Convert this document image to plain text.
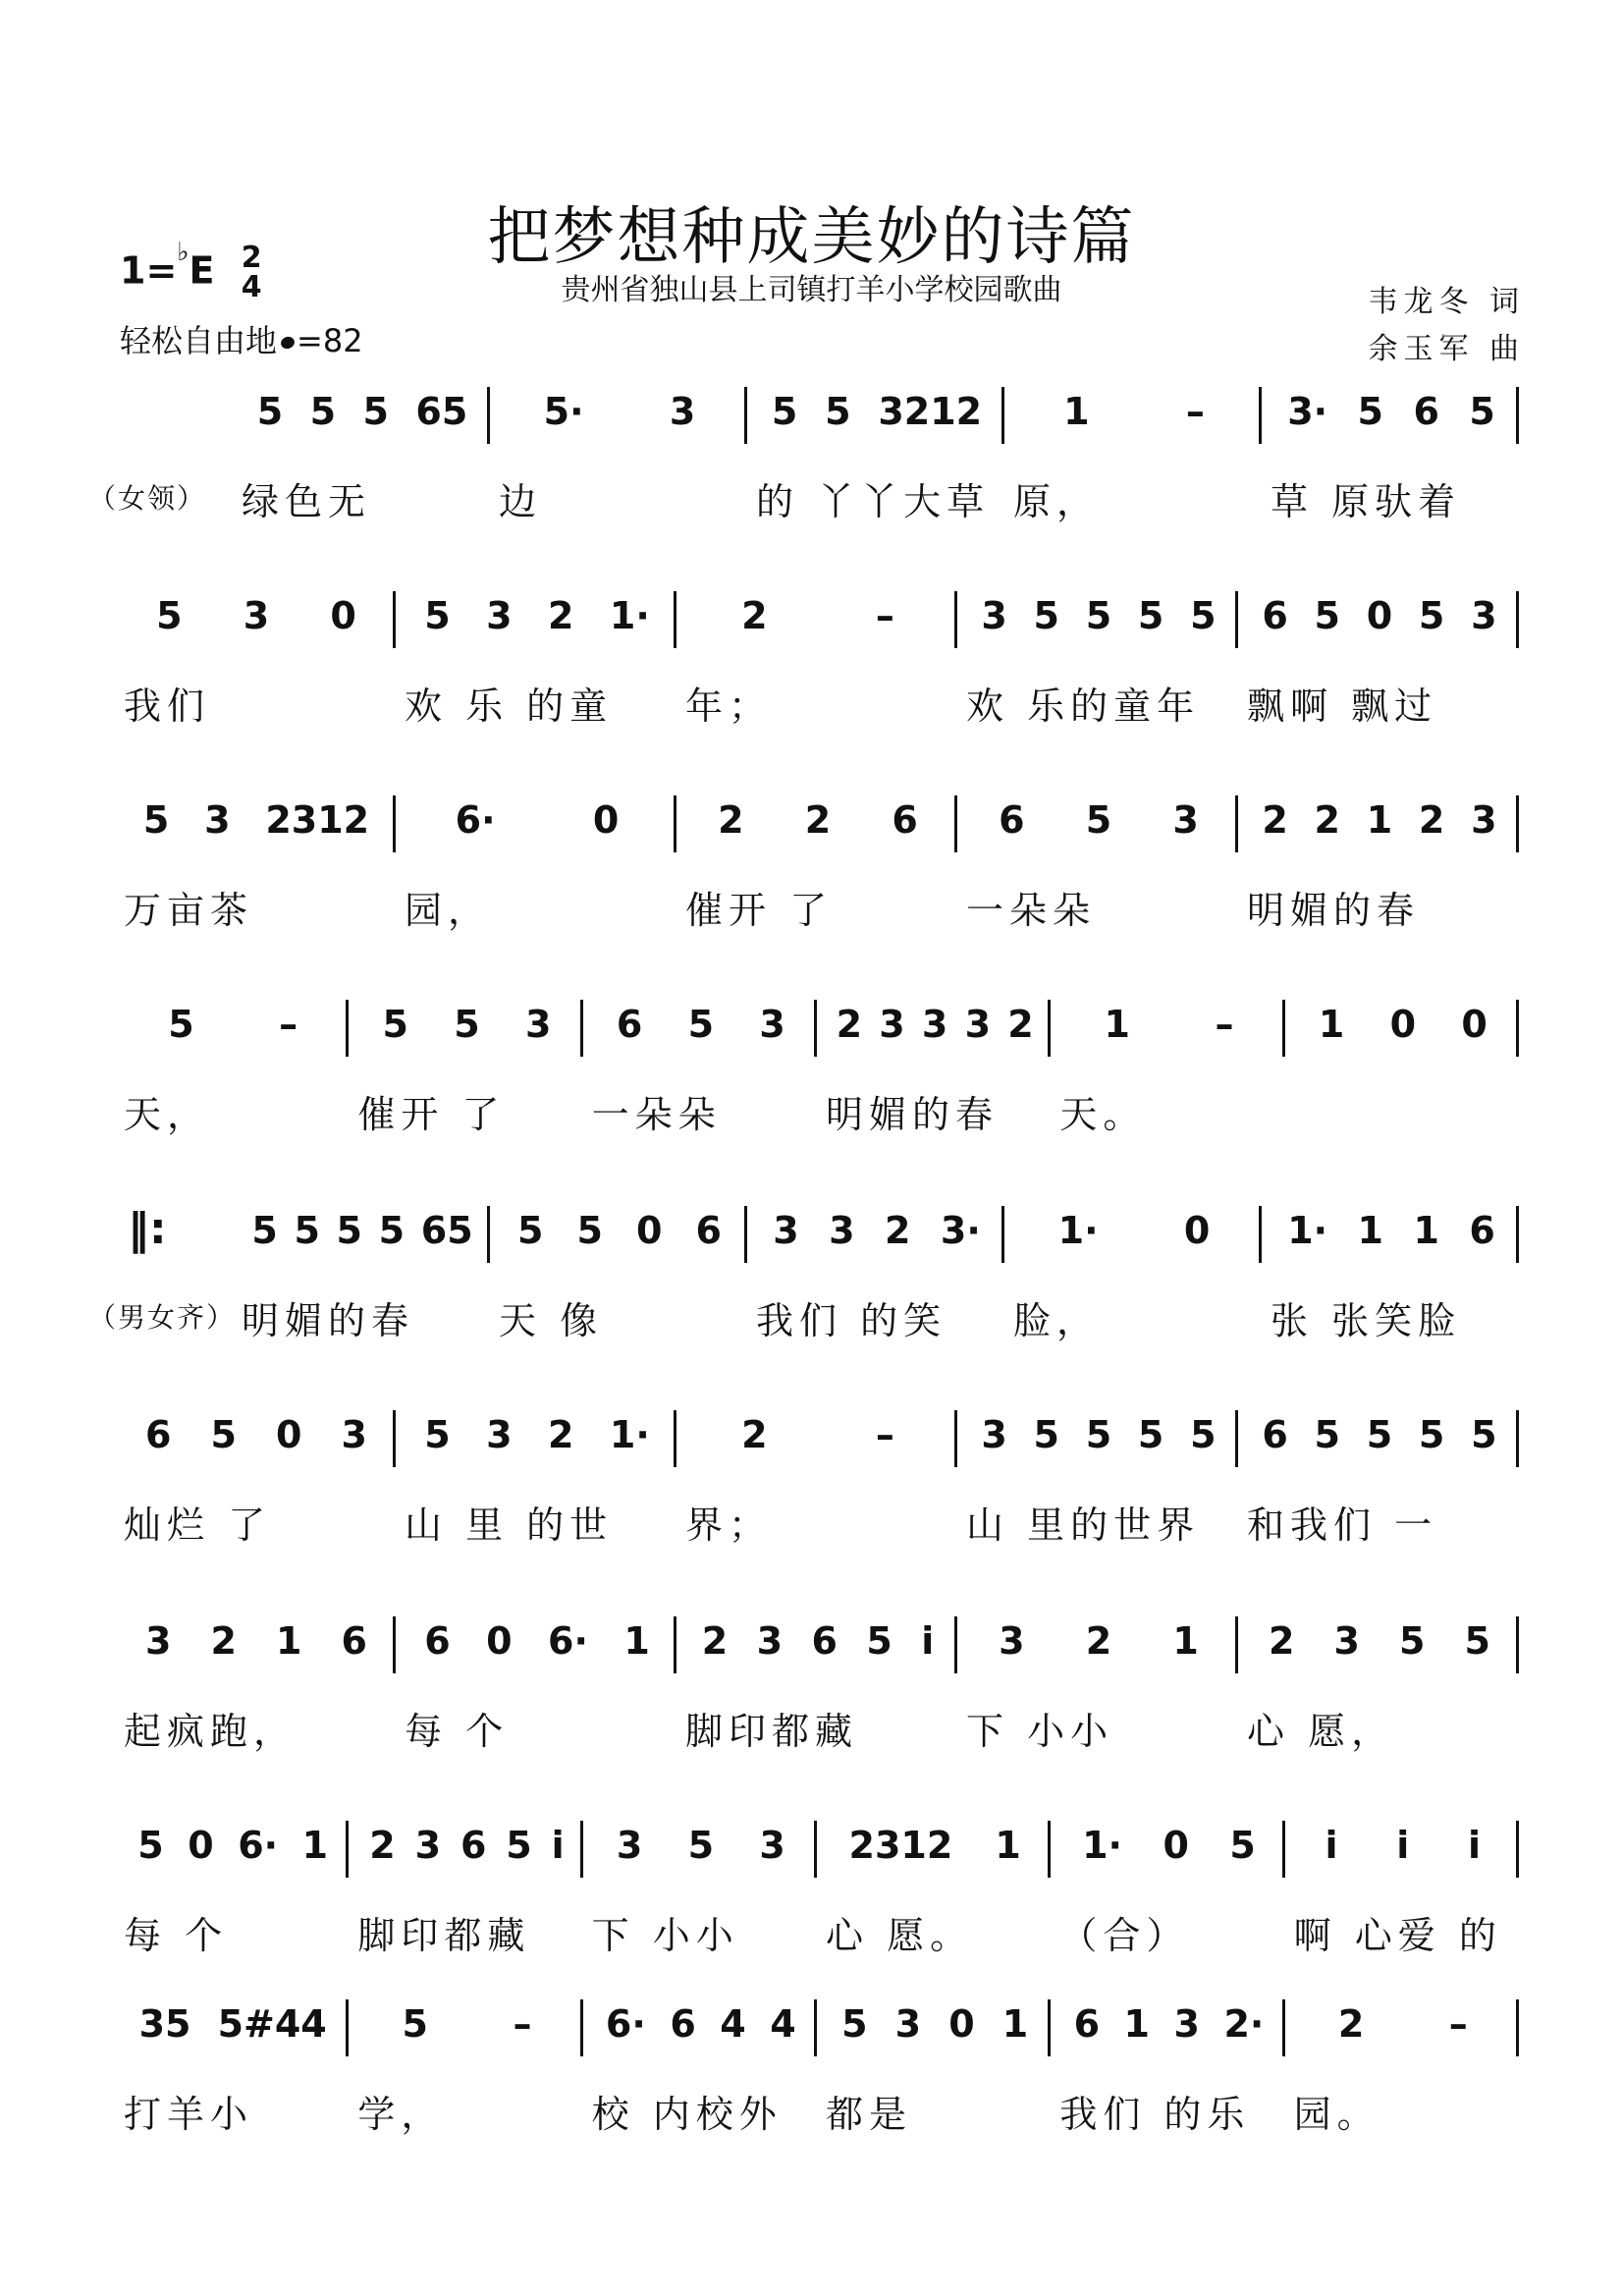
把梦想种成美妙的诗篇
贵州省独山县上司镇打羊小学校园歌曲
1=♭E 2
4
轻松自由地 =82
韦龙冬 词
余玉军 曲
5 5 5 65 5· 3 5 5 3212 1	– 3· 5 6 5
（女领） 绿色无	边	的 丫丫大草 原，	草 原驮着
5 3 0 5 3 2 1· 2	– 3 5 5 5 5 6 5 0 5 3
我们	欢 乐 的童 年；	欢 乐的童年 飘啊 飘过
5 3 2312 6·	0	2 2 6 6 5 3 2 2 1 2 3
万亩茶	园，	催开 了	一朵朵	明媚的春
5 – 5 5 3 6 5 3 2 3 3 3 2 1 – 1 0 0
天，	催开 了 一朵朵	明媚的春 天。
‖: 5 5 5 5 65 5 5 0 6 3 3 2 3· 1· 0 1· 1 1 6
（男女齐） 明媚的春 天 像	我们 的笑 脸，	张 张笑脸
6 5 0 3 5 3 2 1· 2	– 3 5 5 5 5 6 5 5 5 5
灿烂 了	山 里 的世 界；	山 里的世界 和我们 一
3 2 1 6 6 0 6· 1 2 3 6 5 i 3 2 1 2 3 5 5
起疯跑，	每 个	脚印都藏	下 小小	心 愿，
5 0 6· 1 2 3 6 5 i 3 5 3 2312 1 1· 0 5 i i i
每 个	脚印都藏 下 小小 心 愿。 （合）	啊 心爱 的
35 5#44 5 – 6· 6 4 4 5 3 0 1 6 1 3 2· 2 –
打羊小	学，	校 内校外 都是	我们 的乐 园。
